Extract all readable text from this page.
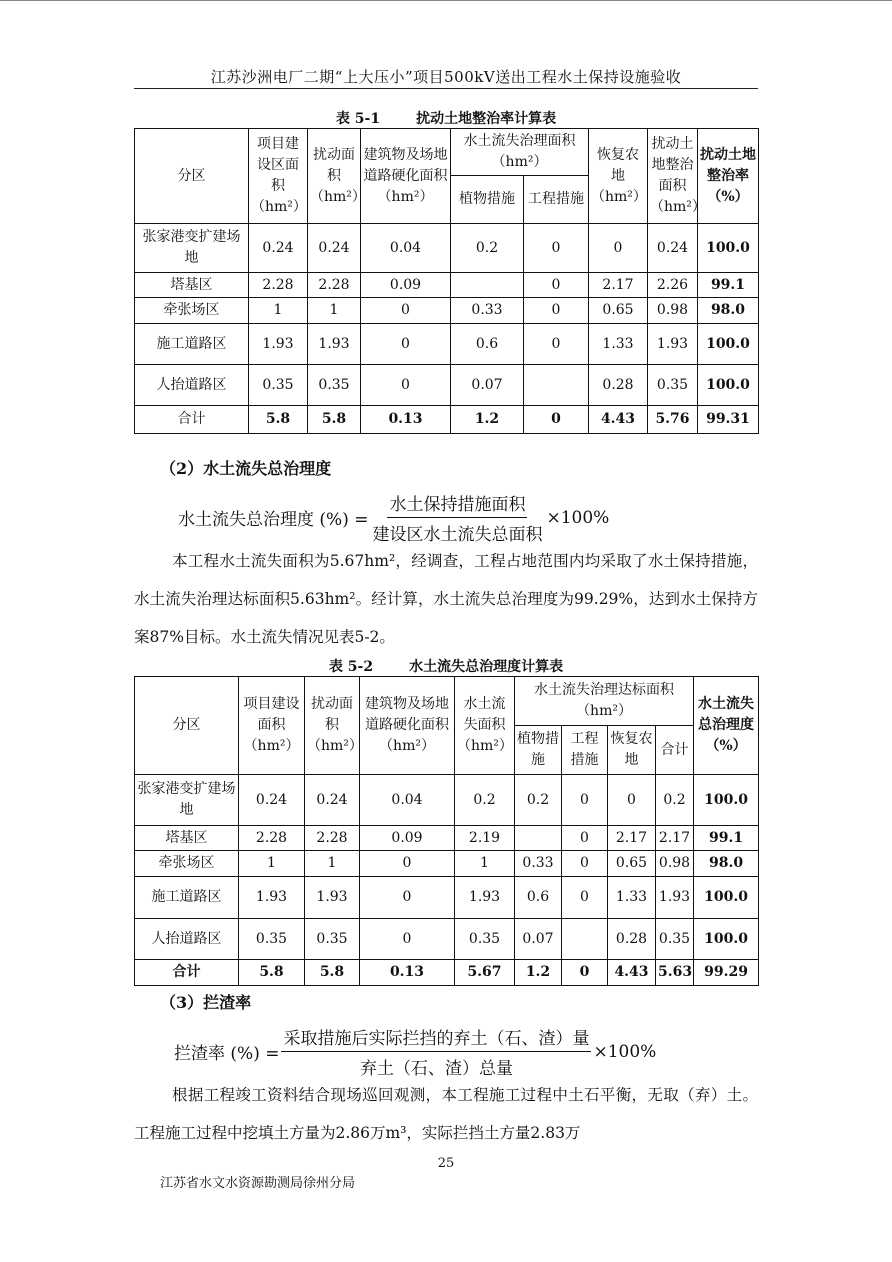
江苏沙洲电厂二期“上大压小”项目500kV送出工程水土保持设施验收
表 5-1	扰动土地整治率计算表
分区	项目建设区面积（hm²）	扰动面积（hm²）	建筑物及场地道路硬化面积（hm²）	水土流失治理面积（hm²）		恢复农地（hm²）	扰动土地整治面积（hm²）	扰动土地整治率（%）
				植物措施	工程措施			
张家港变扩建场地	0.24	0.24	0.04	0.2	0	0	0.24	100.0
塔基区	2.28	2.28	0.09		0	2.17	2.26	99.1
牵张场区	1	1	0	0.33	0	0.65	0.98	98.0
施工道路区	1.93	1.93	0	0.6	0	1.33	1.93	100.0
人抬道路区	0.35	0.35	0	0.07		0.28	0.35	100.0
合计	5.8	5.8	0.13	1.2	0	4.43	5.76	99.31
（2）水土流失总治理度
水土流失总治理度 (%) = $\frac{\text{水土保持措施面积}}{\text{建设区水土流失总面积}} \times 100\%$
本工程水土流失面积为5.67hm²，经调查，工程占地范围内均采取了水土保持措施，水土流失治理达标面积5.63hm²。经计算，水土流失总治理度为99.29%，达到水土保持方案87%目标。水土流失情况见表5-2。
表 5-2	水土流失总治理度计算表
分区	项目建设面积（hm²）	扰动面积（hm²）	建筑物及场地道路硬化面积（hm²）	水土流失面积（hm²）	水土流失治理达标面积（hm²）				水土流失总治理度（%）
					植物措施	工程措施	恢复农地	合计	
张家港变扩建场地	0.24	0.24	0.04	0.2	0.2	0	0	0.2	100.0
塔基区	2.28	2.28	0.09	2.19		0	2.17	2.17	99.1
牵张场区	1	1	0	1	0.33	0	0.65	0.98	98.0
施工道路区	1.93	1.93	0	1.93	0.6	0	1.33	1.93	100.0
人抬道路区	0.35	0.35	0	0.35	0.07		0.28	0.35	100.0
合计	5.8	5.8	0.13	5.67	1.2	0	4.43	5.63	99.29
（3）拦渣率
拦渣率 (%) = $\frac{\text{采取措施后实际拦挡的弃土（石、渣）量}}{\text{弃土（石、渣）总量}} \times 100\%$
根据工程竣工资料结合现场巡回观测，本工程施工过程中土石平衡，无取（弃）土。工程施工过程中挖填土方量为2.86万m³，实际拦挡土方量2.83万
25
江苏省水文水资源勘测局徐州分局
